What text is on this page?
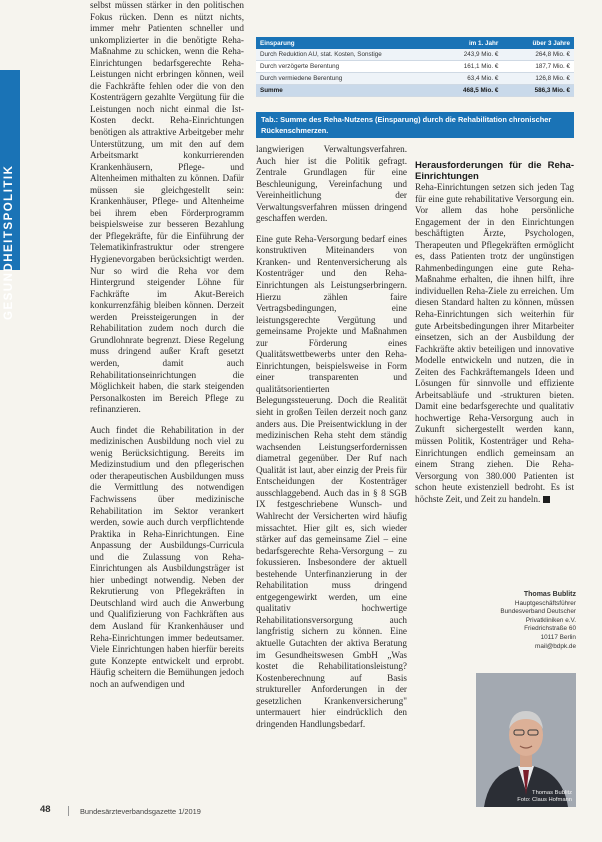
GESUNDHEITSPOLITIK

selbst müssen stärker in den politischen Fokus rücken. Denn es nützt nichts, immer mehr Patienten schneller und unkomplizierter in die benötigte Reha-Maßnahme zu schicken, wenn die Reha-Einrichtungen bedarfsgerechte Reha-Leistungen nicht erbringen können, weil die Fachkräfte fehlen oder die von den Kostenträgern gezahlte Vergütung für die Leistungen noch nicht einmal die Ist-Kosten deckt. Reha-Einrichtungen benötigen als attraktive Arbeitgeber mehr Unterstützung, um mit den auf dem Arbeitsmarkt konkurrierenden Krankenhäusern, Pflege- und Altenheimen mithalten zu können. Dafür müssen sie gleichgestellt sein: Krankenhäuser, Pflege- und Altenheime bei ihrem eben Förderprogramm beispielsweise zur besseren Bezahlung der Pflegekräfte, für die Einführung der Telematikinfrastruktur oder strengere Hygienevorgaben berücksichtigt werden. Nur so wird die Reha vor dem Hintergrund steigender Löhne für Fachkräfte im Akut-Bereich konkurrenzfähig bleiben können. Derzeit werden Preissteigerungen in der Rehabilitation zudem noch durch die Grundlohnrate begrenzt. Diese Regelung muss dringend außer Kraft gesetzt werden, damit auch Rehabilitationseinrichtungen die Möglichkeit haben, die stark steigenden Personalkosten im Bereich Pflege zu refinanzieren.

Auch findet die Rehabilitation in der medizinischen Ausbildung noch viel zu wenig Berücksichtigung. Bereits im Medizinstudium und den pflegerischen oder therapeutischen Ausbildungen muss die Vermittlung des notwendigen Fachwissens über medizinische Rehabilitation im Sektor verankert werden, sowie auch durch verpflichtende Praktika in Reha-Einrichtungen. Eine Anpassung der Ausbildungs-Curricula und die Zulassung von Reha-Einrichtungen als Ausbildungsträger ist hier unbedingt notwendig. Neben der Rekrutierung von Pflegekräften in Deutschland wird auch die Anwerbung und Qualifizierung von Fachkräften aus dem Ausland für Krankenhäuser und Reha-Einrichtungen immer bedeutsamer. Viele Einrichtungen haben hierfür bereits gute Konzepte entwickelt und erprobt. Häufig scheitern die Bemühungen jedoch noch an aufwendigen und

Einsparung	im 1. Jahr	über 3 Jahre
Durch Reduktion AU, stat. Kosten, Sonstige	243,9 Mio. €	264,8 Mio. €
Durch verzögerte Berentung	161,1 Mio. €	187,7 Mio. €
Durch vermiedene Berentung	63,4 Mio. €	126,8 Mio. €
Summe	468,5 Mio. €	586,3 Mio. €
Tab.: Summe des Reha-Nutzens (Einsparung) durch die Rehabilitation chronischer Rückenschmerzen.

langwierigen Verwaltungsverfahren. Auch hier ist die Politik gefragt. Zentrale Grundlagen für eine Beschleunigung, Vereinfachung und Vereinheitlichung der Verwaltungsverfahren müssen dringend geschaffen werden.

Eine gute Reha-Versorgung bedarf eines konstruktiven Miteinanders von Kranken- und Rentenversicherung als Kostenträger und den Reha-Einrichtungen als Leistungserbringern. Hierzu zählen faire Vertragsbedingungen, eine leistungsgerechte Vergütung und gemeinsame Projekte und Maßnahmen zur Förderung eines Qualitätswettbewerbs unter den Reha-Einrichtungen, beispielsweise in Form einer transparenten und qualitätsorientierten Belegungssteuerung. Doch die Realität sieht in großen Teilen derzeit noch ganz anders aus. Die Preisentwicklung in der medizinischen Reha steht dem ständig wachsenden Leistungserfordernissen diametral gegenüber. Der Ruf nach Qualität ist laut, aber einzig der Preis für Entscheidungen der Kostenträger ausschlaggebend. Auch das in § 8 SGB IX festgeschriebene Wunsch- und Wahlrecht der Versicherten wird häufig missachtet. Hier gilt es, sich wieder stärker auf das gemeinsame Ziel – eine bedarfsgerechte Reha-Versorgung – zu fokussieren. Insbesondere der aktuell bestehende Unterfinanzierung in der Rehabilitation muss dringend entgegengewirkt werden, um eine qualitativ hochwertige Rehabilitationsversorgung auch langfristig sichern zu können. Eine aktuelle Gutachten der aktiva Beratung im Gesundheitswesen GmbH „Was kostet die Rehabilitationsleistung? Kostenberechnung auf Basis struktureller Anforderungen in der gesetzlichen Krankenversicherung" untermauert hier eindrücklich den dringenden Handlungsbedarf.

Herausforderungen für die Reha-Einrichtungen

Reha-Einrichtungen setzen sich jeden Tag für eine gute rehabilitative Versorgung ein. Vor allem das hohe persönliche Engagement der in den Einrichtungen beschäftigten Ärzte, Psychologen, Therapeuten und Pflegekräften ermöglicht es, dass Patienten trotz der ungünstigen Rahmenbedingungen eine gute Reha-Maßnahme erhalten, die ihnen hilft, ihre individuellen Reha-Ziele zu erreichen. Um diesen Standard halten zu können, müssen Reha-Einrichtungen sich weiterhin für gute Arbeitsbedingungen ihrer Mitarbeiter einsetzen, sich an der Ausbildung der Fachkräfte aktiv beteiligen und innovative Modelle entwickeln und nutzen, die in Zeiten des Fachkräftemangels Ideen und Lösungen für sinnvolle und effiziente Arbeitsabläufe und -strukturen bieten. Damit eine bedarfsgerechte und qualitativ hochwertige Reha-Versorgung auch in Zukunft sichergestellt werden kann, müssen Politik, Kostenträger und Reha-Einrichtungen endlich gemeinsam an einem Strang ziehen. Die Reha-Versorgung von 380.000 Patienten ist schon heute existenziell bedroht. Es ist höchste Zeit, und Zeit zu handeln.

Thomas Bublitz
Hauptgeschäftsführer
Bundesverband Deutscher
Privatkliniken e.V.
Friedrichstraße 60
10117 Berlin
mail@bdpk.de
Thomas Bublitz
Foto: Claus Hofmann
48	Bundesärzteverbandsgazette 1/2019
